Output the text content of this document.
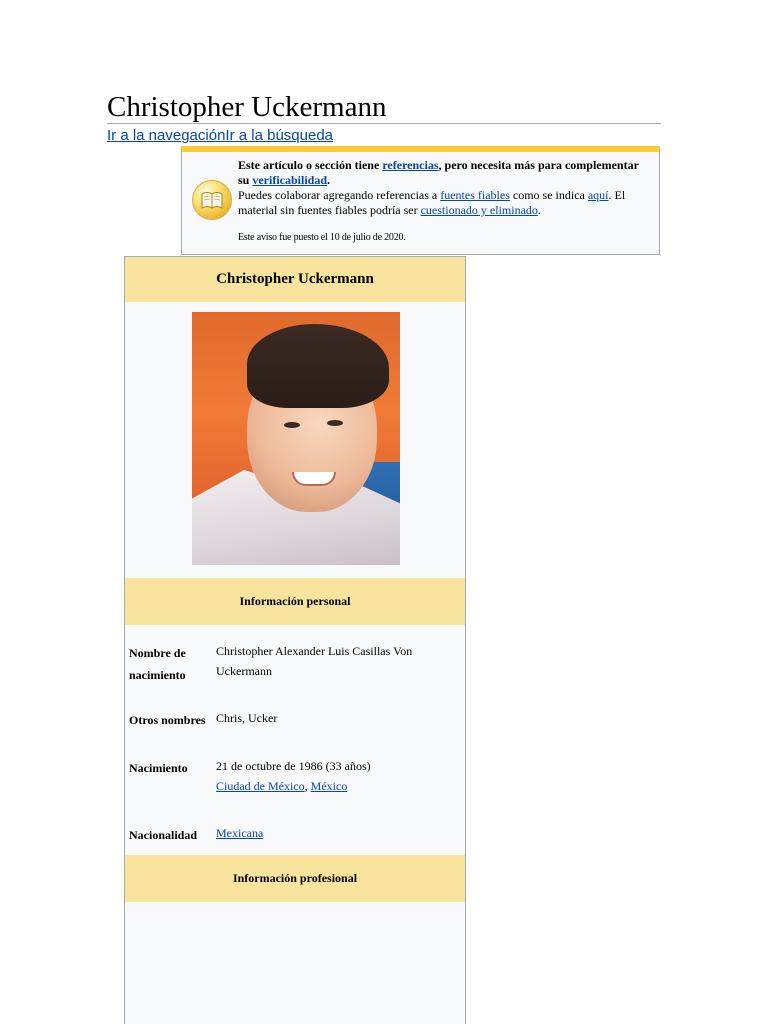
Christopher Uckermann
Ir a la navegaciónIr a la búsqueda

Este artículo o sección tiene referencias, pero necesita más para complementar su verificabilidad.

Puedes colaborar agregando referencias a fuentes fiables como se indica aquí. El material sin fuentes fiables podría ser cuestionado y eliminado.

Este aviso fue puesto el 10 de julio de 2020.
Christopher Uckermann
Información personal
Nombre de nacimiento
Christopher Alexander Luis Casillas Von Uckermann
Otros nombres Chris, Ucker
Nacimiento	21 de octubre de 1986 (33 años)
Ciudad de México, México
Nacionalidad	Mexicana
Información profesional
